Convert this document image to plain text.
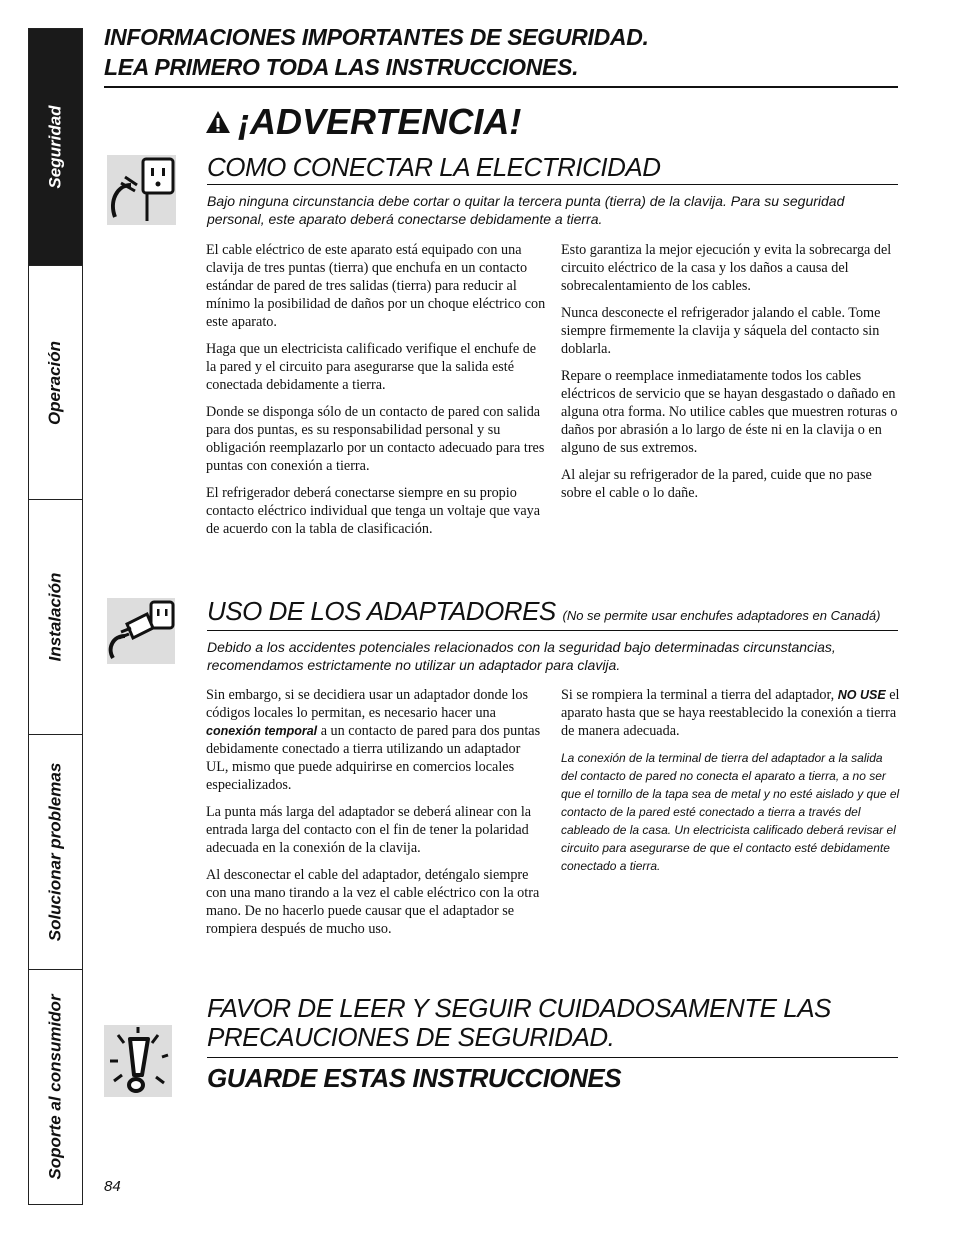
Seguridad
Operación
Instalación
Solucionar problemas
Soporte al consumidor
INFORMACIONES IMPORTANTES DE SEGURIDAD.
LEA PRIMERO TODA LAS INSTRUCCIONES.
¡ADVERTENCIA!
COMO CONECTAR LA ELECTRICIDAD
Bajo ninguna circunstancia debe cortar o quitar la tercera punta (tierra) de la clavija. Para su seguridad personal, este aparato deberá conectarse debidamente a tierra.

El cable eléctrico de este aparato está equipado con una clavija de tres puntas (tierra) que enchufa en un contacto estándar de pared de tres salidas (tierra) para reducir al mínimo la posibilidad de daños por un choque eléctrico con este aparato.

Haga que un electricista calificado verifique el enchufe de la pared y el circuito para asegurarse que la salida esté conectada debidamente a tierra.

Donde se disponga sólo de un contacto de pared con salida para dos puntas, es su responsabilidad personal y su obligación reemplazarlo por un contacto adecuado para tres puntas con conexión a tierra.

El refrigerador deberá conectarse siempre en su propio contacto eléctrico individual que tenga un voltaje que vaya de acuerdo con la tabla de clasificación.

Esto garantiza la mejor ejecución y evita la sobrecarga del circuito eléctrico de la casa y los daños a causa del sobrecalentamiento de los cables.

Nunca desconecte el refrigerador jalando el cable. Tome siempre firmemente la clavija y sáquela del contacto sin doblarla.

Repare o reemplace inmediatamente todos los cables eléctricos de servicio que se hayan desgastado o dañado en alguna otra forma. No utilice cables que muestren roturas o daños por abrasión a lo largo de éste ni en la clavija o en alguno de sus extremos.

Al alejar su refrigerador de la pared, cuide que no pase sobre el cable o lo dañe.

USO DE LOS ADAPTADORES (No se permite usar enchufes adaptadores en Canadá)
Debido a los accidentes potenciales relacionados con la seguridad bajo determinadas circunstancias, recomendamos estrictamente no utilizar un adaptador para clavija.

Sin embargo, si se decidiera usar un adaptador donde los códigos locales lo permitan, es necesario hacer una conexión temporal a un contacto de pared para dos puntas debidamente conectado a tierra utilizando un adaptador UL, mismo que puede adquirirse en comercios locales especializados.

La punta más larga del adaptador se deberá alinear con la entrada larga del contacto con el fin de tener la polaridad adecuada en la conexión de la clavija.

Al desconectar el cable del adaptador, deténgalo siempre con una mano tirando a la vez el cable eléctrico con la otra mano. De no hacerlo puede causar que el adaptador se rompiera después de mucho uso.

Si se rompiera la terminal a tierra del adaptador, NO USE el aparato hasta que se haya reestablecido la conexión a tierra de manera adecuada.

La conexión de la terminal de tierra del adaptador a la salida del contacto de pared no conecta el aparato a tierra, a no ser que el tornillo de la tapa sea de metal y no esté aislado y que el contacto de la pared esté conectado a tierra a través del cableado de la casa. Un electricista calificado deberá revisar el circuito para asegurarse de que el contacto esté debidamente conectado a tierra.

FAVOR DE LEER Y SEGUIR CUIDADOSAMENTE LAS PRECAUCIONES DE SEGURIDAD.
GUARDE ESTAS INSTRUCCIONES
84
